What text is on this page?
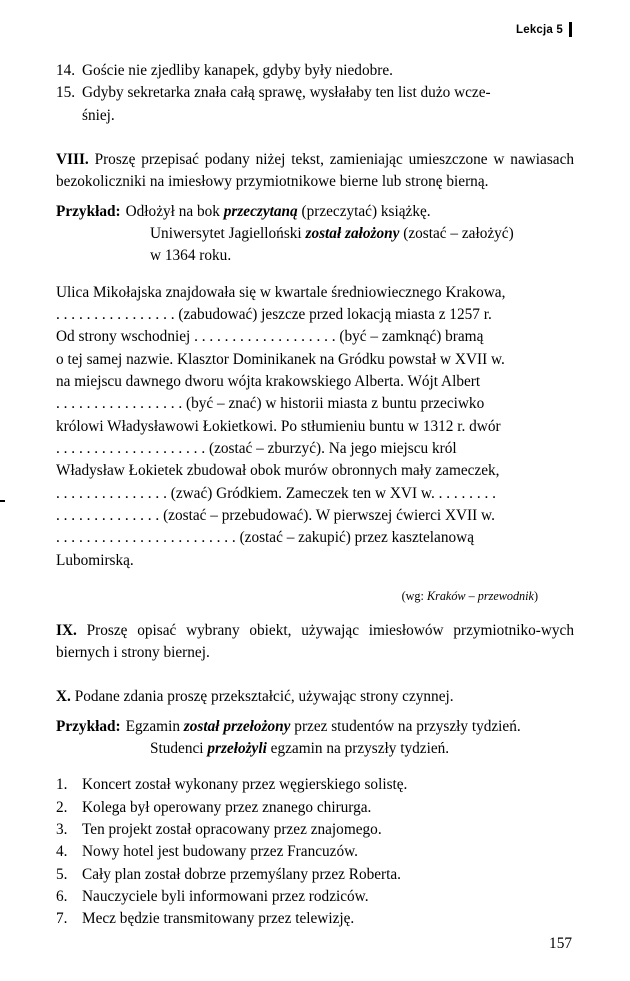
Lekcja 5
14. Goście nie zjedliby kanapek, gdyby były niedobre.
15. Gdyby sekretarka znała całą sprawę, wysłałaby ten list dużo wcze-
śniej.

VIII. Proszę przepisać podany niżej tekst, zamieniając umieszczone w nawiasach bezokoliczniki na imiesłowy przymiotnikowe bierne lub stronę bierną.

Przykład: Odłożył na bok przeczytaną (przeczytać) książkę.
Uniwersytet Jagielloński został założony (zostać – założyć)
w 1364 roku.
Ulica Mikołajska znajdowała się w kwartale średniowiecznego Krakowa,
. . . . . . . . . . . . . . . . (zabudować) jeszcze przed lokacją miasta z 1257 r.
Od strony wschodniej . . . . . . . . . . . . . . . . . . . (być – zamknąć) bramą
o tej samej nazwie. Klasztor Dominikanek na Gródku powstał w XVII w.
na miejscu dawnego dworu wójta krakowskiego Alberta. Wójt Albert
. . . . . . . . . . . . . . . . . (być – znać) w historii miasta z buntu przeciwko
królowi Władysławowi Łokietkowi. Po stłumieniu buntu w 1312 r. dwór
. . . . . . . . . . . . . . . . . . . . (zostać – zburzyć). Na jego miejscu król
Władysław Łokietek zbudował obok murów obronnych mały zameczek,
. . . . . . . . . . . . . . . (zwać) Gródkiem. Zameczek ten w XVI w. . . . . . . . .
. . . . . . . . . . . . . . (zostać – przebudować). W pierwszej ćwierci XVII w.
. . . . . . . . . . . . . . . . . . . . . . . . (zostać – zakupić) przez kasztelanową
Lubomirską.
(wg: Kraków – przewodnik)

IX. Proszę opisać wybrany obiekt, używając imiesłowów przymiotniko-wych biernych i strony biernej.

X. Podane zdania proszę przekształcić, używając strony czynnej.

Przykład: Egzamin został przełożony przez studentów na przyszły tydzień.
Studenci przełożyli egzamin na przyszły tydzień.
1. Koncert został wykonany przez węgierskiego solistę.
2. Kolega był operowany przez znanego chirurga.
3. Ten projekt został opracowany przez znajomego.
4. Nowy hotel jest budowany przez Francuzów.
5. Cały plan został dobrze przemyślany przez Roberta.
6. Nauczyciele byli informowani przez rodziców.
7. Mecz będzie transmitowany przez telewizję.
157
